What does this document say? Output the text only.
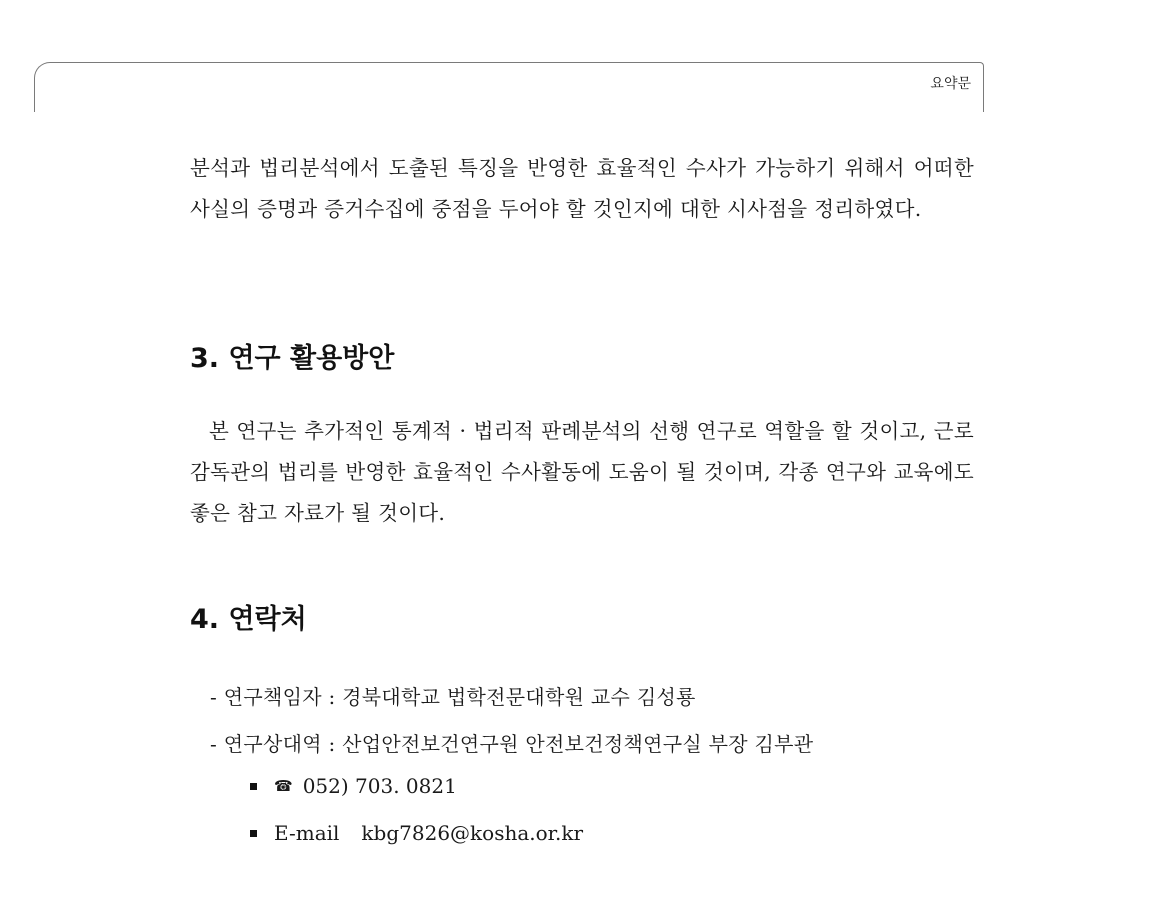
요약문
분석과 법리분석에서 도출된 특징을 반영한 효율적인 수사가 가능하기 위해서 어떠한 사실의 증명과 증거수집에 중점을 두어야 할 것인지에 대한 시사점을 정리하였다.
3. 연구 활용방안
본 연구는 추가적인 통계적 · 법리적 판례분석의 선행 연구로 역할을 할 것이고, 근로감독관의 법리를 반영한 효율적인 수사활동에 도움이 될 것이며, 각종 연구와 교육에도 좋은 참고 자료가 될 것이다.
4. 연락처
- 연구책임자 : 경북대학교 법학전문대학원 교수 김성룡
- 연구상대역 : 산업안전보건연구원 안전보건정책연구실 부장 김부관
☎ 052) 703. 0821
E-mail kbg7826@kosha.or.kr
